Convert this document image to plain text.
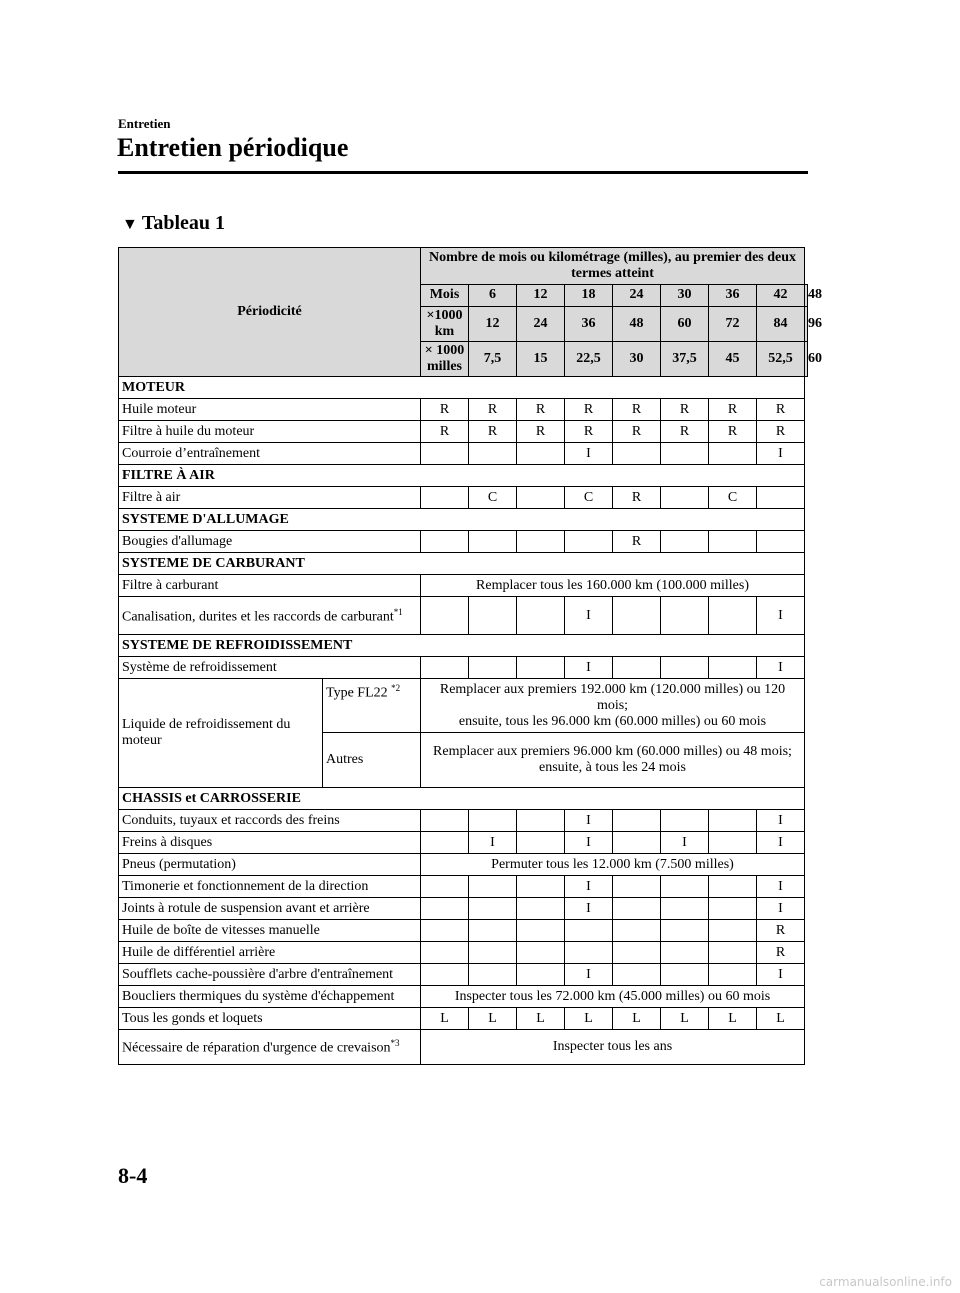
Entretien
Entretien périodique
▼ Tableau 1
Périodicité		Nombre de mois ou kilométrage (milles), au premier des deux termes atteint								
		Mois	6	12	18	24	30	36	42	48
		×1000 km	12	24	36	48	60	72	84	96
		× 1000 milles	7,5	15	22,5	30	37,5	45	52,5	60
MOTEUR										
Huile moteur		R	R	R	R	R	R	R	R	
Filtre à huile du moteur		R	R	R	R	R	R	R	R	
Courroie d’entraînement					I				I	
FILTRE À AIR										
Filtre à air			C		C	R		C		
SYSTEME D'ALLUMAGE										
Bougies d'allumage						R				
SYSTEME DE CARBURANT										
Filtre à carburant		Remplacer tous les 160.000 km (100.000 milles)								
Canalisation, durites et les raccords de carburant$^{*1}$					I				I	
SYSTEME DE REFROIDISSEMENT										
Système de refroidissement					I				I	
Liquide de refroidissement du moteur	Type FL22 $^{*2}$	Remplacer aux premiers 192.000 km (120.000 milles) ou 120 mois;
ensuite, tous les 96.000 km (60.000 milles) ou 60 mois								

	Autres	Remplacer aux premiers 96.000 km (60.000 milles) ou 48 mois;
ensuite, à tous les 24 mois								

CHASSIS et CARROSSERIE										
Conduits, tuyaux et raccords des freins					I				I	
Freins à disques			I		I		I		I	
Pneus (permutation)		Permuter tous les 12.000 km (7.500 milles)								
Timonerie et fonctionnement de la direction					I				I	
Joints à rotule de suspension avant et arrière					I				I	
Huile de boîte de vitesses manuelle									R	
Huile de différentiel arrière									R	
Soufflets cache-poussière d'arbre d'entraînement					I				I	
Boucliers thermiques du système d'échappement		Inspecter tous les 72.000 km (45.000 milles) ou 60 mois								
Tous les gonds et loquets		L	L	L	L	L	L	L	L	
Nécessaire de réparation d'urgence de crevaison$^{*3}$		Inspecter tous les ans								
8-4
carmanualsonline.info
